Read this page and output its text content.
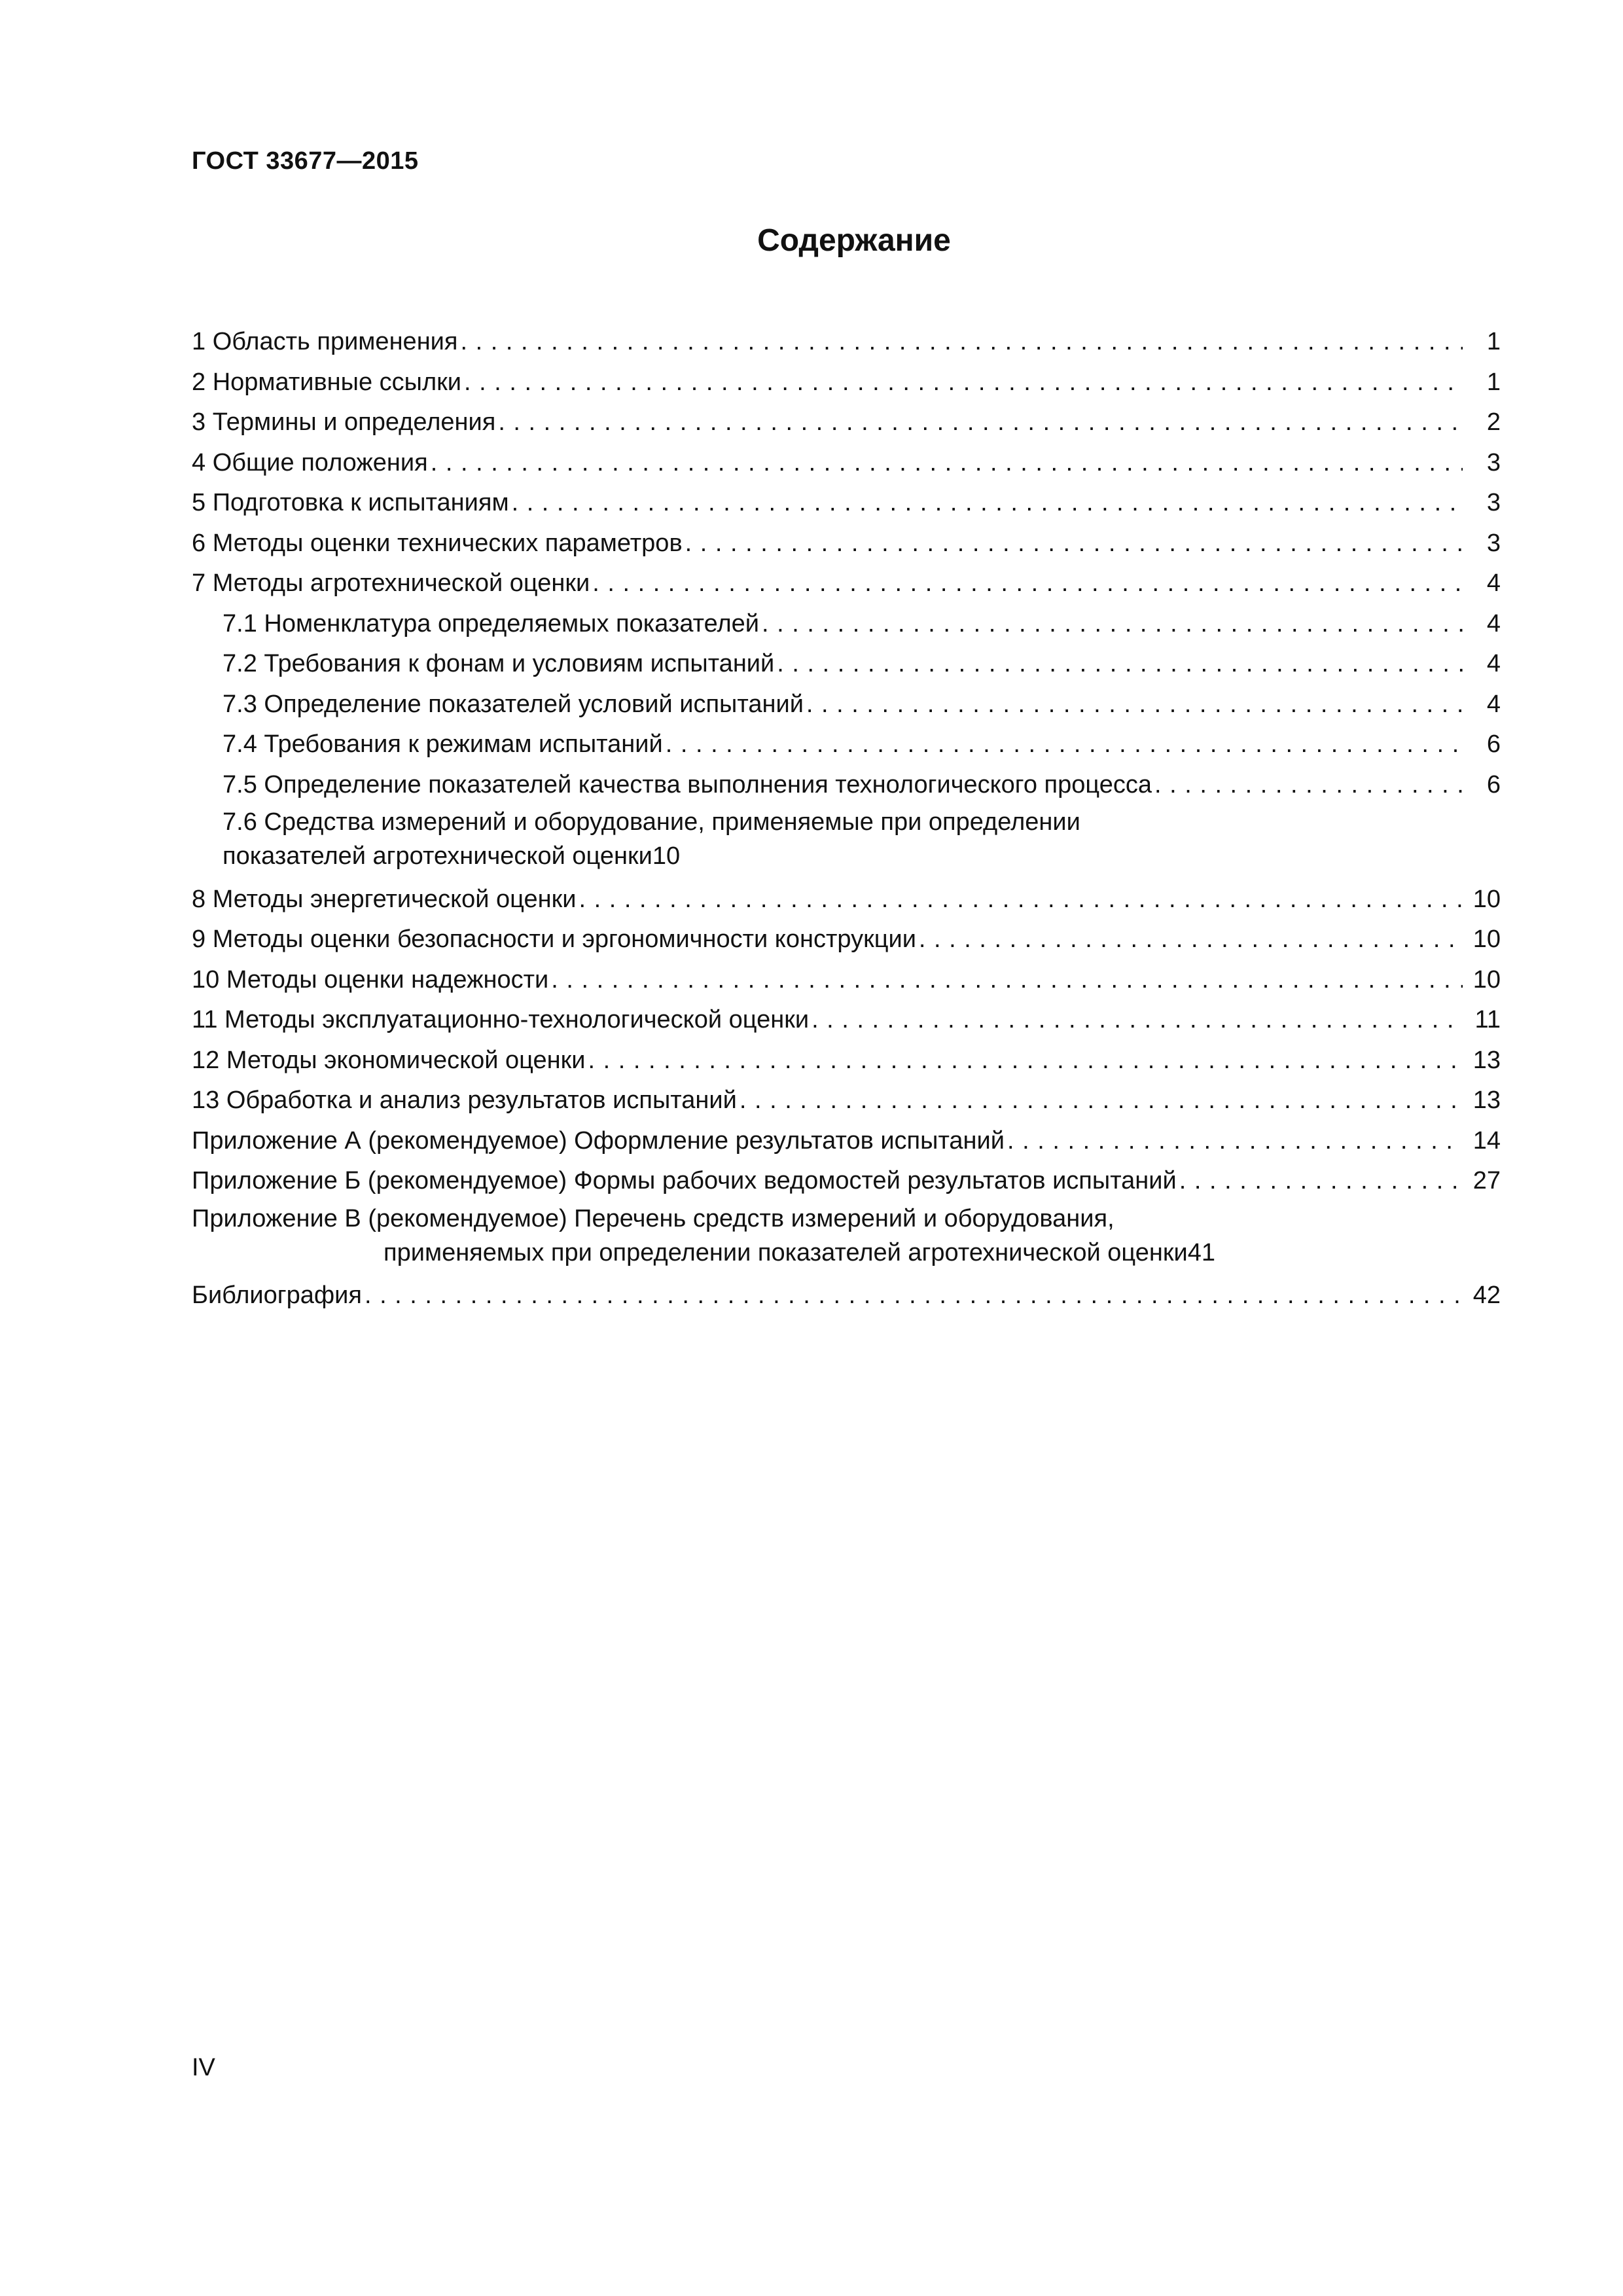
ГОСТ 33677—2015
Содержание
1 Область применения . . .	1
2 Нормативные ссылки . . .	1
3 Термины и определения . . .	2
4 Общие положения . . .	3
5 Подготовка к испытаниям . . .	3
6 Методы оценки технических параметров . . .	3
7 Методы агротехнической оценки . . .	4
7.1 Номенклатура определяемых показателей . . .	4
7.2 Требования к фонам и условиям испытаний . . .	4
7.3 Определение показателей условий испытаний . . .	4
7.4 Требования к режимам испытаний . . .	6
7.5 Определение показателей качества выполнения технологического процесса . . .	6
7.6 Средства измерений и оборудование, применяемые при определении
показателей агротехнической оценки 10
8 Методы энергетической оценки . . .	10
9 Методы оценки безопасности и эргономичности конструкции . . .	10
10 Методы оценки надежности . . .	10
11 Методы эксплуатационно-технологической оценки . . .	11
12 Методы экономической оценки . . .	13
13 Обработка и анализ результатов испытаний . . .	13
Приложение А (рекомендуемое) Оформление результатов испытаний . . .	14
Приложение Б (рекомендуемое) Формы рабочих ведомостей результатов испытаний . . .	27
Приложение В (рекомендуемое) Перечень средств измерений и оборудования,
применяемых при определении показателей агротехнической оценки 41
Библиография . . .	42
IV
